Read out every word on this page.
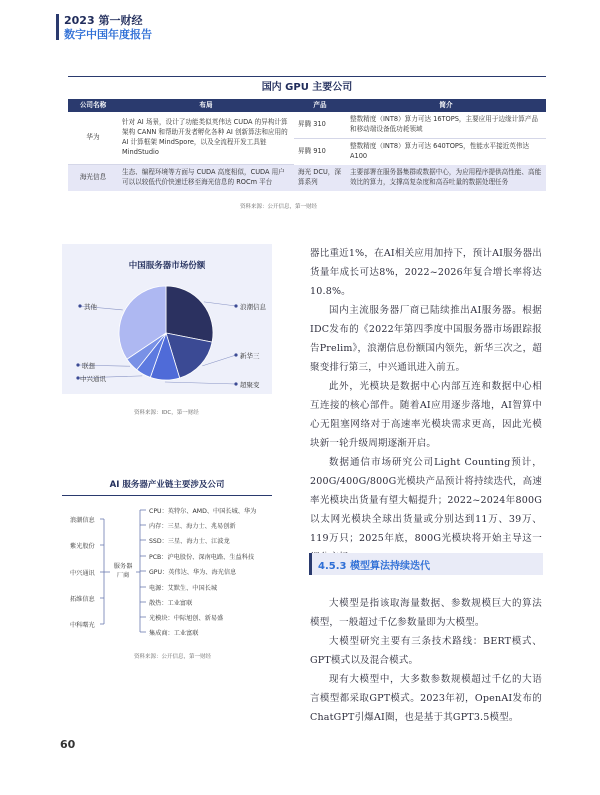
2023 第一财经
数字中国年度报告
国内 GPU 主要公司
公司名称	布局	产品	简介
华为	针对 AI 场景，设计了功能类似英伟达 CUDA 的异构计算架构 CANN 和帮助开发者孵化各种 AI 创新算法和应用的 AI 计算框架 MindSpore，以及全流程开发工具链 MindStudio	昇腾 310	整数精度（INT8）算力可达 16TOPS，主要应用于边缘计算产品和移动端设备低功耗领域
		昇腾 910	整数精度（INT8）算力可达 640TOPS，性能水平接近英伟达 A100
海光信息	生态、编程环境等方面与 CUDA 高度相似，CUDA 用户可以以较低代价快速迁移至海光信息的 ROCm 平台	海光 DCU，深算系列	主要部署在服务器集群或数据中心，为应用程序提供高性能、高能效比的算力，支撑高复杂度和高吞吐量的数据处理任务
资料来源：公开信息，第一财经
中国服务器市场份额
浪潮信息
新华三
超聚变
中兴通讯
联想
其他
资料来源：IDC，第一财经
AI 服务器产业链主要涉及公司
浪潮信息
紫光股份
中兴通讯
拓维信息
中科曙光
服务器厂商
CPU：英特尔、AMD、中国长城、华为
内存：三星、海力士、兆易创新
SSD：三星、海力士、江波龙
PCB：沪电股份、深南电路、生益科技
GPU：英伟达、华为、海光信息
电源：艾默生、中国长城
散热：工业富联
光模块：中际旭创、新易盛
集成商：工业富联
资料来源：公开信息，第一财经

器比重近1%，在AI相关应用加持下，预计AI服务器出货量年成长可达8%，2022~2026年复合增长率将达10.8%。

国内主流服务器厂商已陆续推出AI服务器。根据IDC发布的《2022年第四季度中国服务器市场跟踪报告Prelim》，浪潮信息份额国内领先，新华三次之，超聚变排行第三，中兴通讯进入前五。

此外，光模块是数据中心内部互连和数据中心相互连接的核心部件。随着AI应用逐步落地，AI智算中心无阻塞网络对于高速率光模块需求更高，因此光模块新一轮升级周期逐渐开启。

数据通信市场研究公司Light Counting预计，200G/400G/800G光模块产品预计将持续迭代，高速率光模块出货量有望大幅提升；2022~2024年800G以太网光模块全球出货量或分别达到11万、39万、119万只；2025年底，800G光模块将开始主导这一

4.5.3 模型算法持续迭代

大模型是指该取海量数据、参数规模巨大的算法模型，一般超过千亿参数量即为大模型。

大模型研究主要有三条技术路线：BERT模式、GPT模式以及混合模式。

现有大模型中，大多数参数规模超过千亿的大语言模型都采取GPT模式。2023年初，OpenAI发布的ChatGPT引爆AI圈，也是基于其GPT3.5模型。

60
